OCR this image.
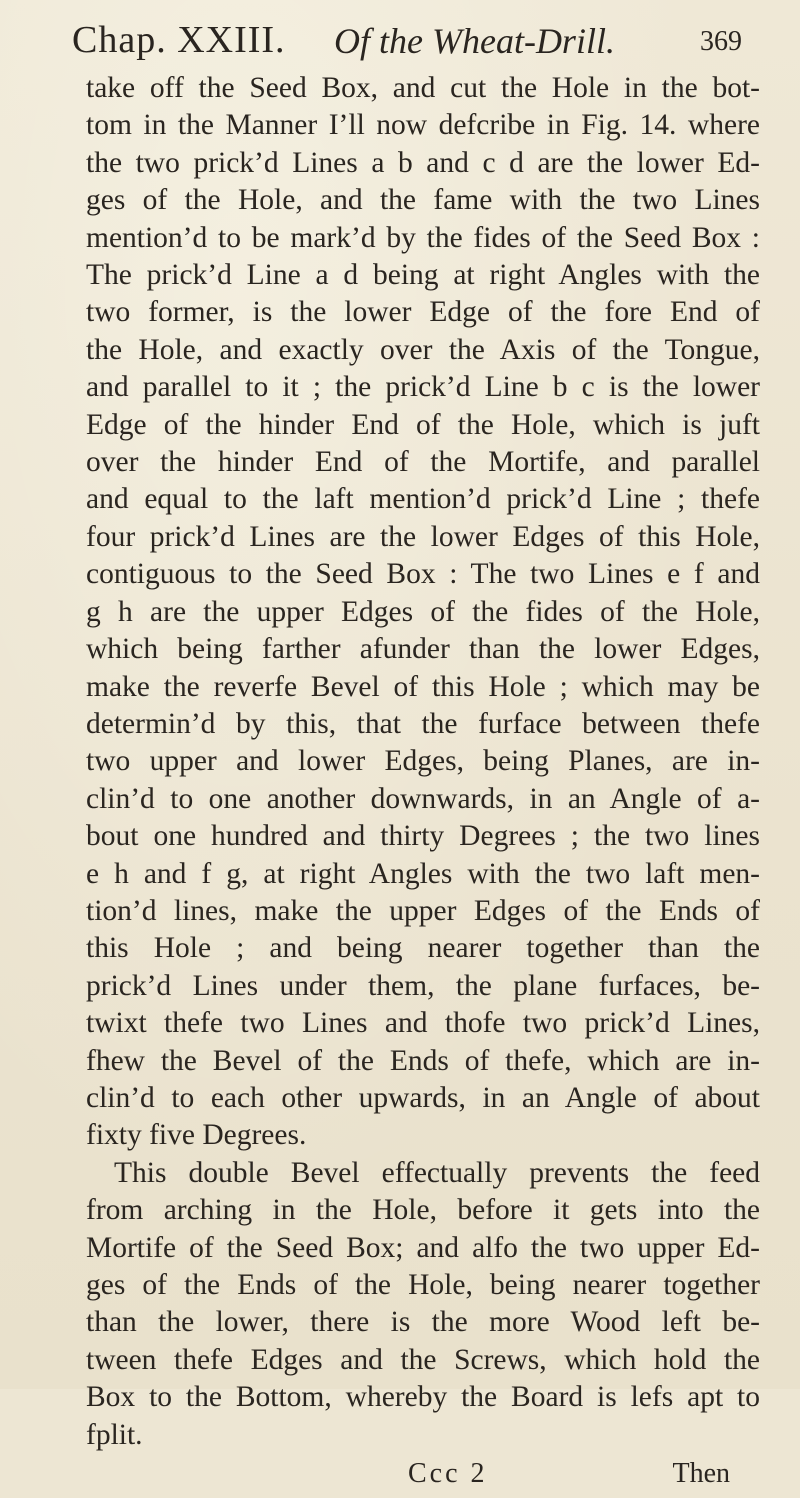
Chap. XXIII. Of the Wheat-Drill.	369

take off the Seed Box, and cut the Hole in the bot-
tom in the Manner I’ll now defcribe in Fig. 14. where
the two prick’d Lines a b and c d are the lower Ed-
ges of the Hole, and the fame with the two Lines
mention’d to be mark’d by the fides of the Seed Box :
The prick’d Line a d being at right Angles with the
two former, is the lower Edge of the fore End of
the Hole, and exactly over the Axis of the Tongue,
and parallel to it ; the prick’d Line b c is the lower
Edge of the hinder End of the Hole, which is juft
over the hinder End of the Mortife, and parallel
and equal to the laft mention’d prick’d Line ; thefe
four prick’d Lines are the lower Edges of this Hole,
contiguous to the Seed Box : The two Lines e f and
g h are the upper Edges of the fides of the Hole,
which being farther afunder than the lower Edges,
make the reverfe Bevel of this Hole ; which may be
determin’d by this, that the furface between thefe
two upper and lower Edges, being Planes, are in-
clin’d to one another downwards, in an Angle of a-
bout one hundred and thirty Degrees ; the two lines
e h and f g, at right Angles with the two laft men-
tion’d lines, make the upper Edges of the Ends of
this Hole ; and being nearer together than the
prick’d Lines under them, the plane furfaces, be-
twixt thefe two Lines and thofe two prick’d Lines,
fhew the Bevel of the Ends of thefe, which are in-
clin’d to each other upwards, in an Angle of about
fixty five Degrees.
This double Bevel effectually prevents the feed
from arching in the Hole, before it gets into the
Mortife of the Seed Box; and alfo the two upper Ed-
ges of the Ends of the Hole, being nearer together
than the lower, there is the more Wood left be-
tween thefe Edges and the Screws, which hold the
Box to the Bottom, whereby the Board is lefs apt to
fplit.

Ccc 2	Then
